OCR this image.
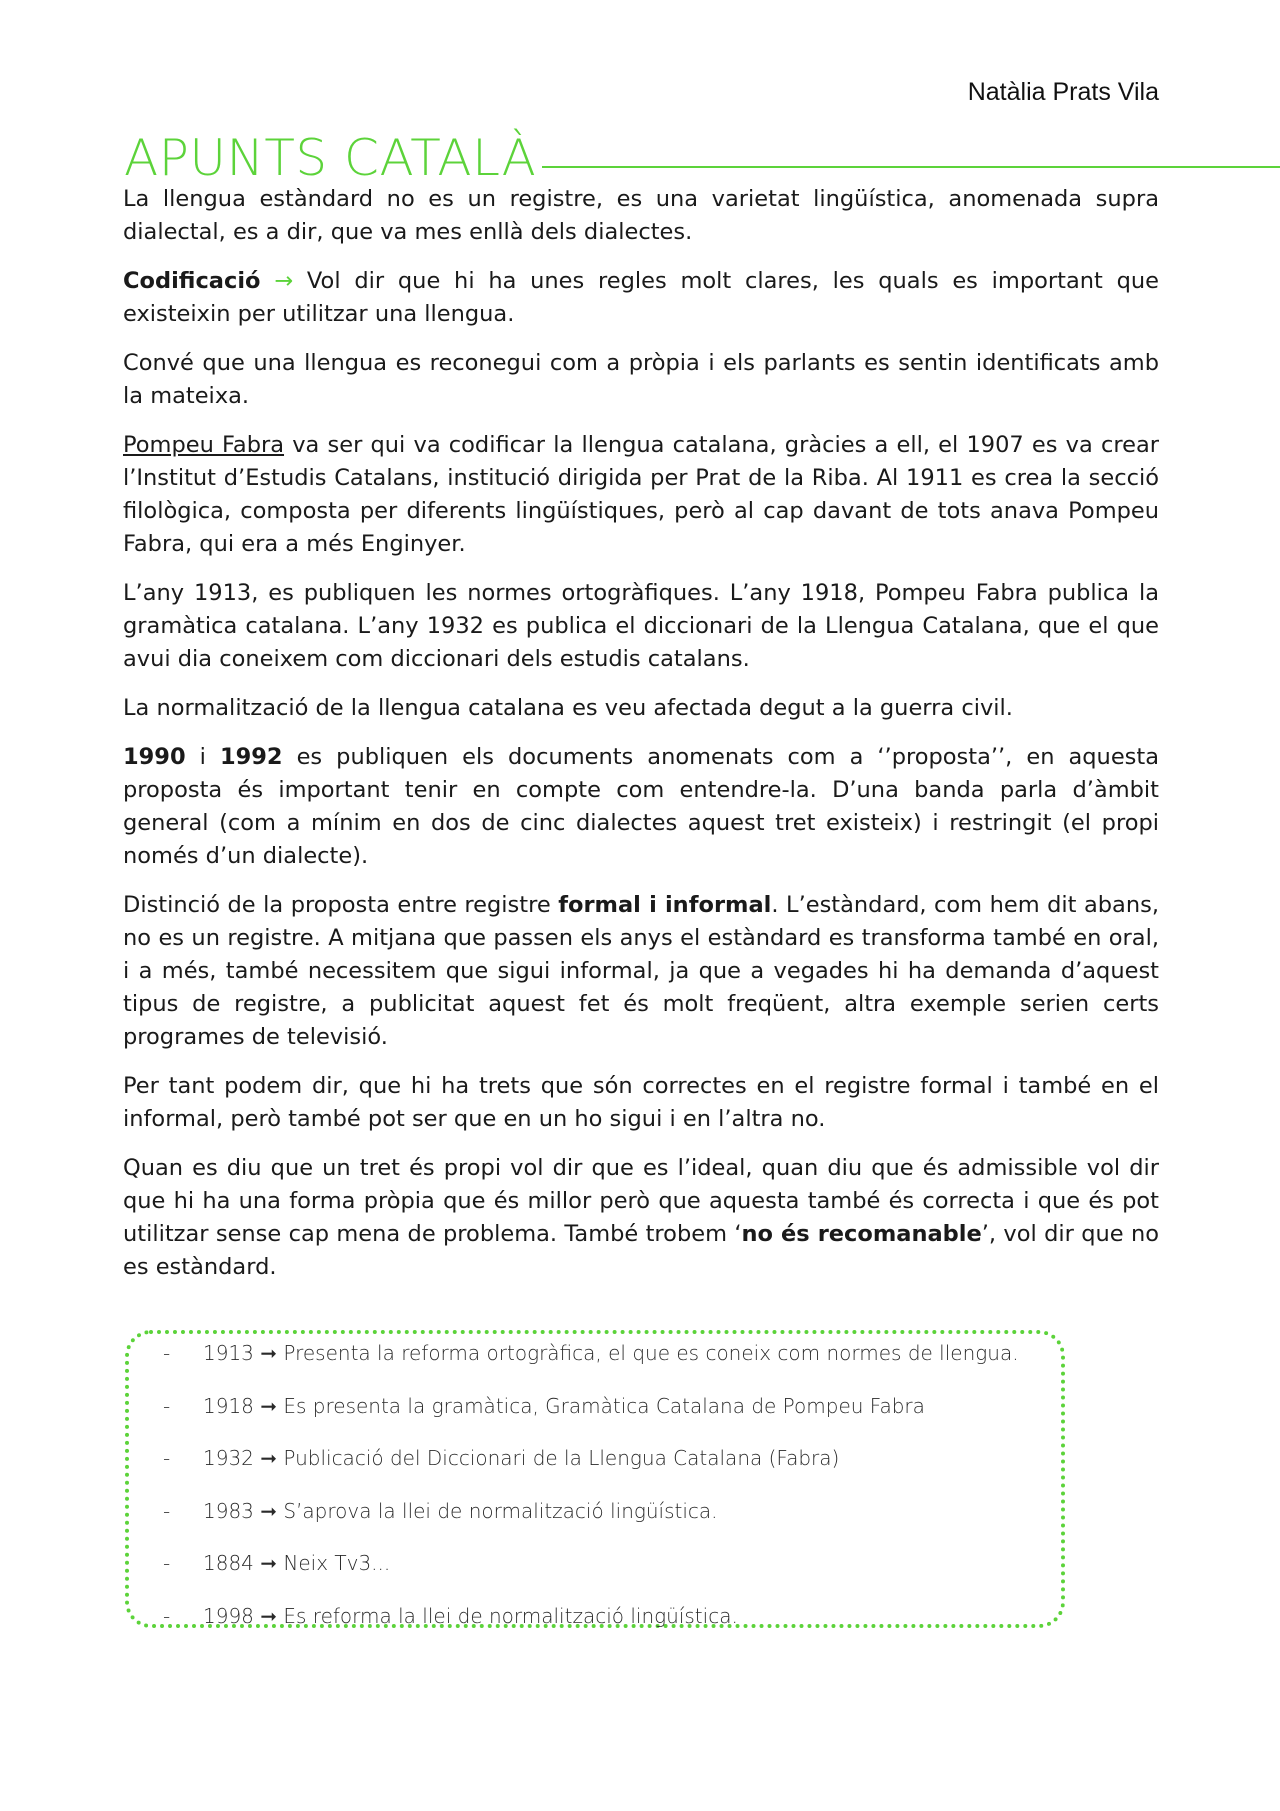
Natàlia Prats Vila
APUNTS CATALÀ

La llengua estàndard no es un registre, es una varietat lingüística, anomenada supra dialectal, es a dir, que va mes enllà dels dialectes.

Codificació → Vol dir que hi ha unes regles molt clares, les quals es important que existeixin per utilitzar una llengua.

Convé que una llengua es reconegui com a pròpia i els parlants es sentin identificats amb la mateixa.

Pompeu Fabra va ser qui va codificar la llengua catalana, gràcies a ell, el 1907 es va crear l’Institut d’Estudis Catalans, institució dirigida per Prat de la Riba. Al 1911 es crea la secció filològica, composta per diferents lingüístiques, però al cap davant de tots anava Pompeu Fabra, qui era a més Enginyer.

L’any 1913, es publiquen les normes ortogràfiques. L’any 1918, Pompeu Fabra publica la gramàtica catalana. L’any 1932 es publica el diccionari de la Llengua Catalana, que el que avui dia coneixem com diccionari dels estudis catalans.

La normalització de la llengua catalana es veu afectada degut a la guerra civil.

1990 i 1992 es publiquen els documents anomenats com a ‘’proposta’’, en aquesta proposta és important tenir en compte com entendre-la. D’una banda parla d’àmbit general (com a mínim en dos de cinc dialectes aquest tret existeix) i restringit (el propi només d’un dialecte).

Distinció de la proposta entre registre formal i informal. L’estàndard, com hem dit abans, no es un registre. A mitjana que passen els anys el estàndard es transforma també en oral, i a més, també necessitem que sigui informal, ja que a vegades hi ha demanda d’aquest tipus de registre, a publicitat aquest fet és molt freqüent, altra exemple serien certs programes de televisió.

Per tant podem dir, que hi ha trets que són correctes en el registre formal i també en el informal, però també pot ser que en un ho sigui i en l’altra no.

Quan es diu que un tret és propi vol dir que es l’ideal, quan diu que és admissible vol dir que hi ha una forma pròpia que és millor però que aquesta també és correcta i que és pot utilitzar sense cap mena de problema. També trobem ‘no és recomanable’, vol dir que no es estàndard.

- 1913 ➞ Presenta la reforma ortogràfica, el que es coneix com normes de llengua.
- 1918 ➞ Es presenta la gramàtica, Gramàtica Catalana de Pompeu Fabra
- 1932 ➞ Publicació del Diccionari de la Llengua Catalana (Fabra)
- 1983 ➞ S’aprova la llei de normalització lingüística.
- 1884 ➞ Neix Tv3...
- 1998 ➞ Es reforma la llei de normalització lingüística.
